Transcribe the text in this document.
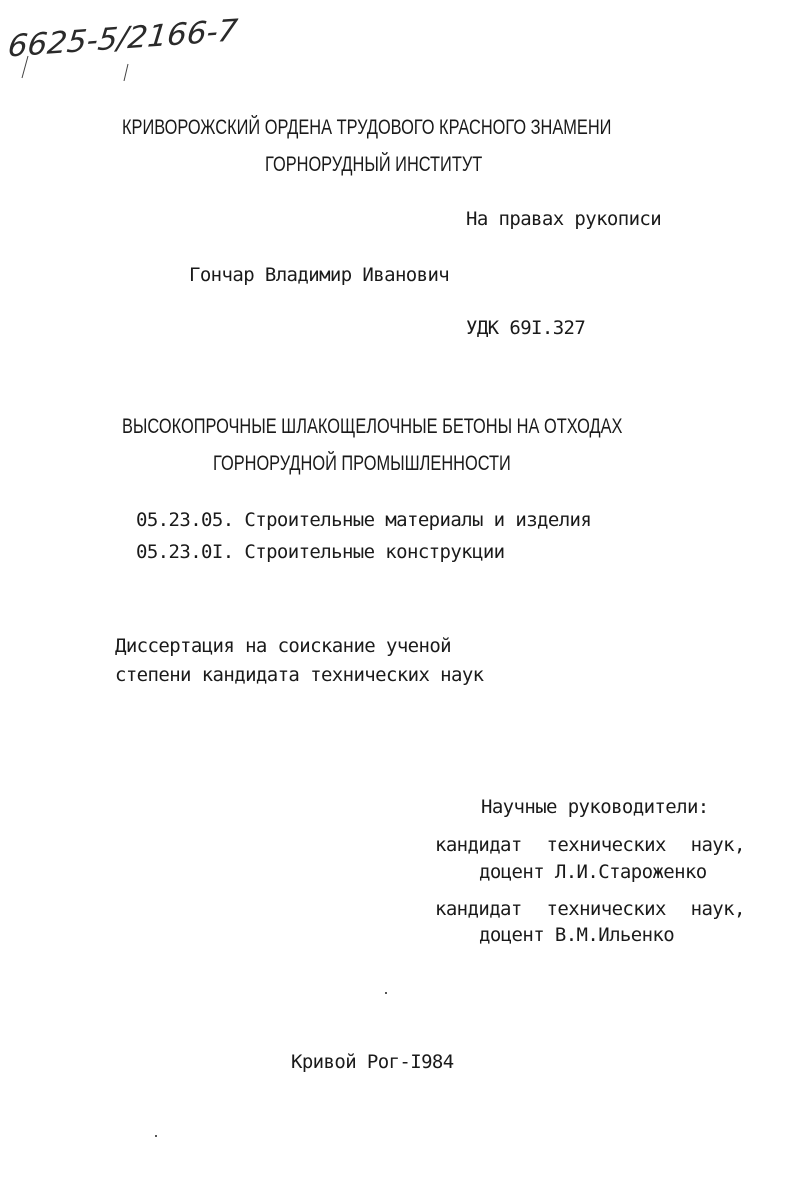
6625-5/2166-7
КРИВОРОЖСКИЙ ОРДЕНА ТРУДОВОГО КРАСНОГО ЗНАМЕНИ
ГОРНОРУДНЫЙ ИНСТИТУТ
На правах рукописи
Гончар Владимир Иванович
УДК 69I.327
ВЫСОКОПРОЧНЫЕ ШЛАКОЩЕЛОЧНЫЕ БЕТОНЫ НА ОТХОДАХ
ГОРНОРУДНОЙ ПРОМЫШЛЕННОСТИ
05.23.05. Строительные материалы и изделия
05.23.0I. Строительные конструкции
Диссертация на соискание ученой
степени кандидата технических наук
Научные руководители:
кандидат технических наук,
доцент Л.И.Староженко
кандидат технических наук,
доцент В.М.Ильенко
Кривой Рог-I984
